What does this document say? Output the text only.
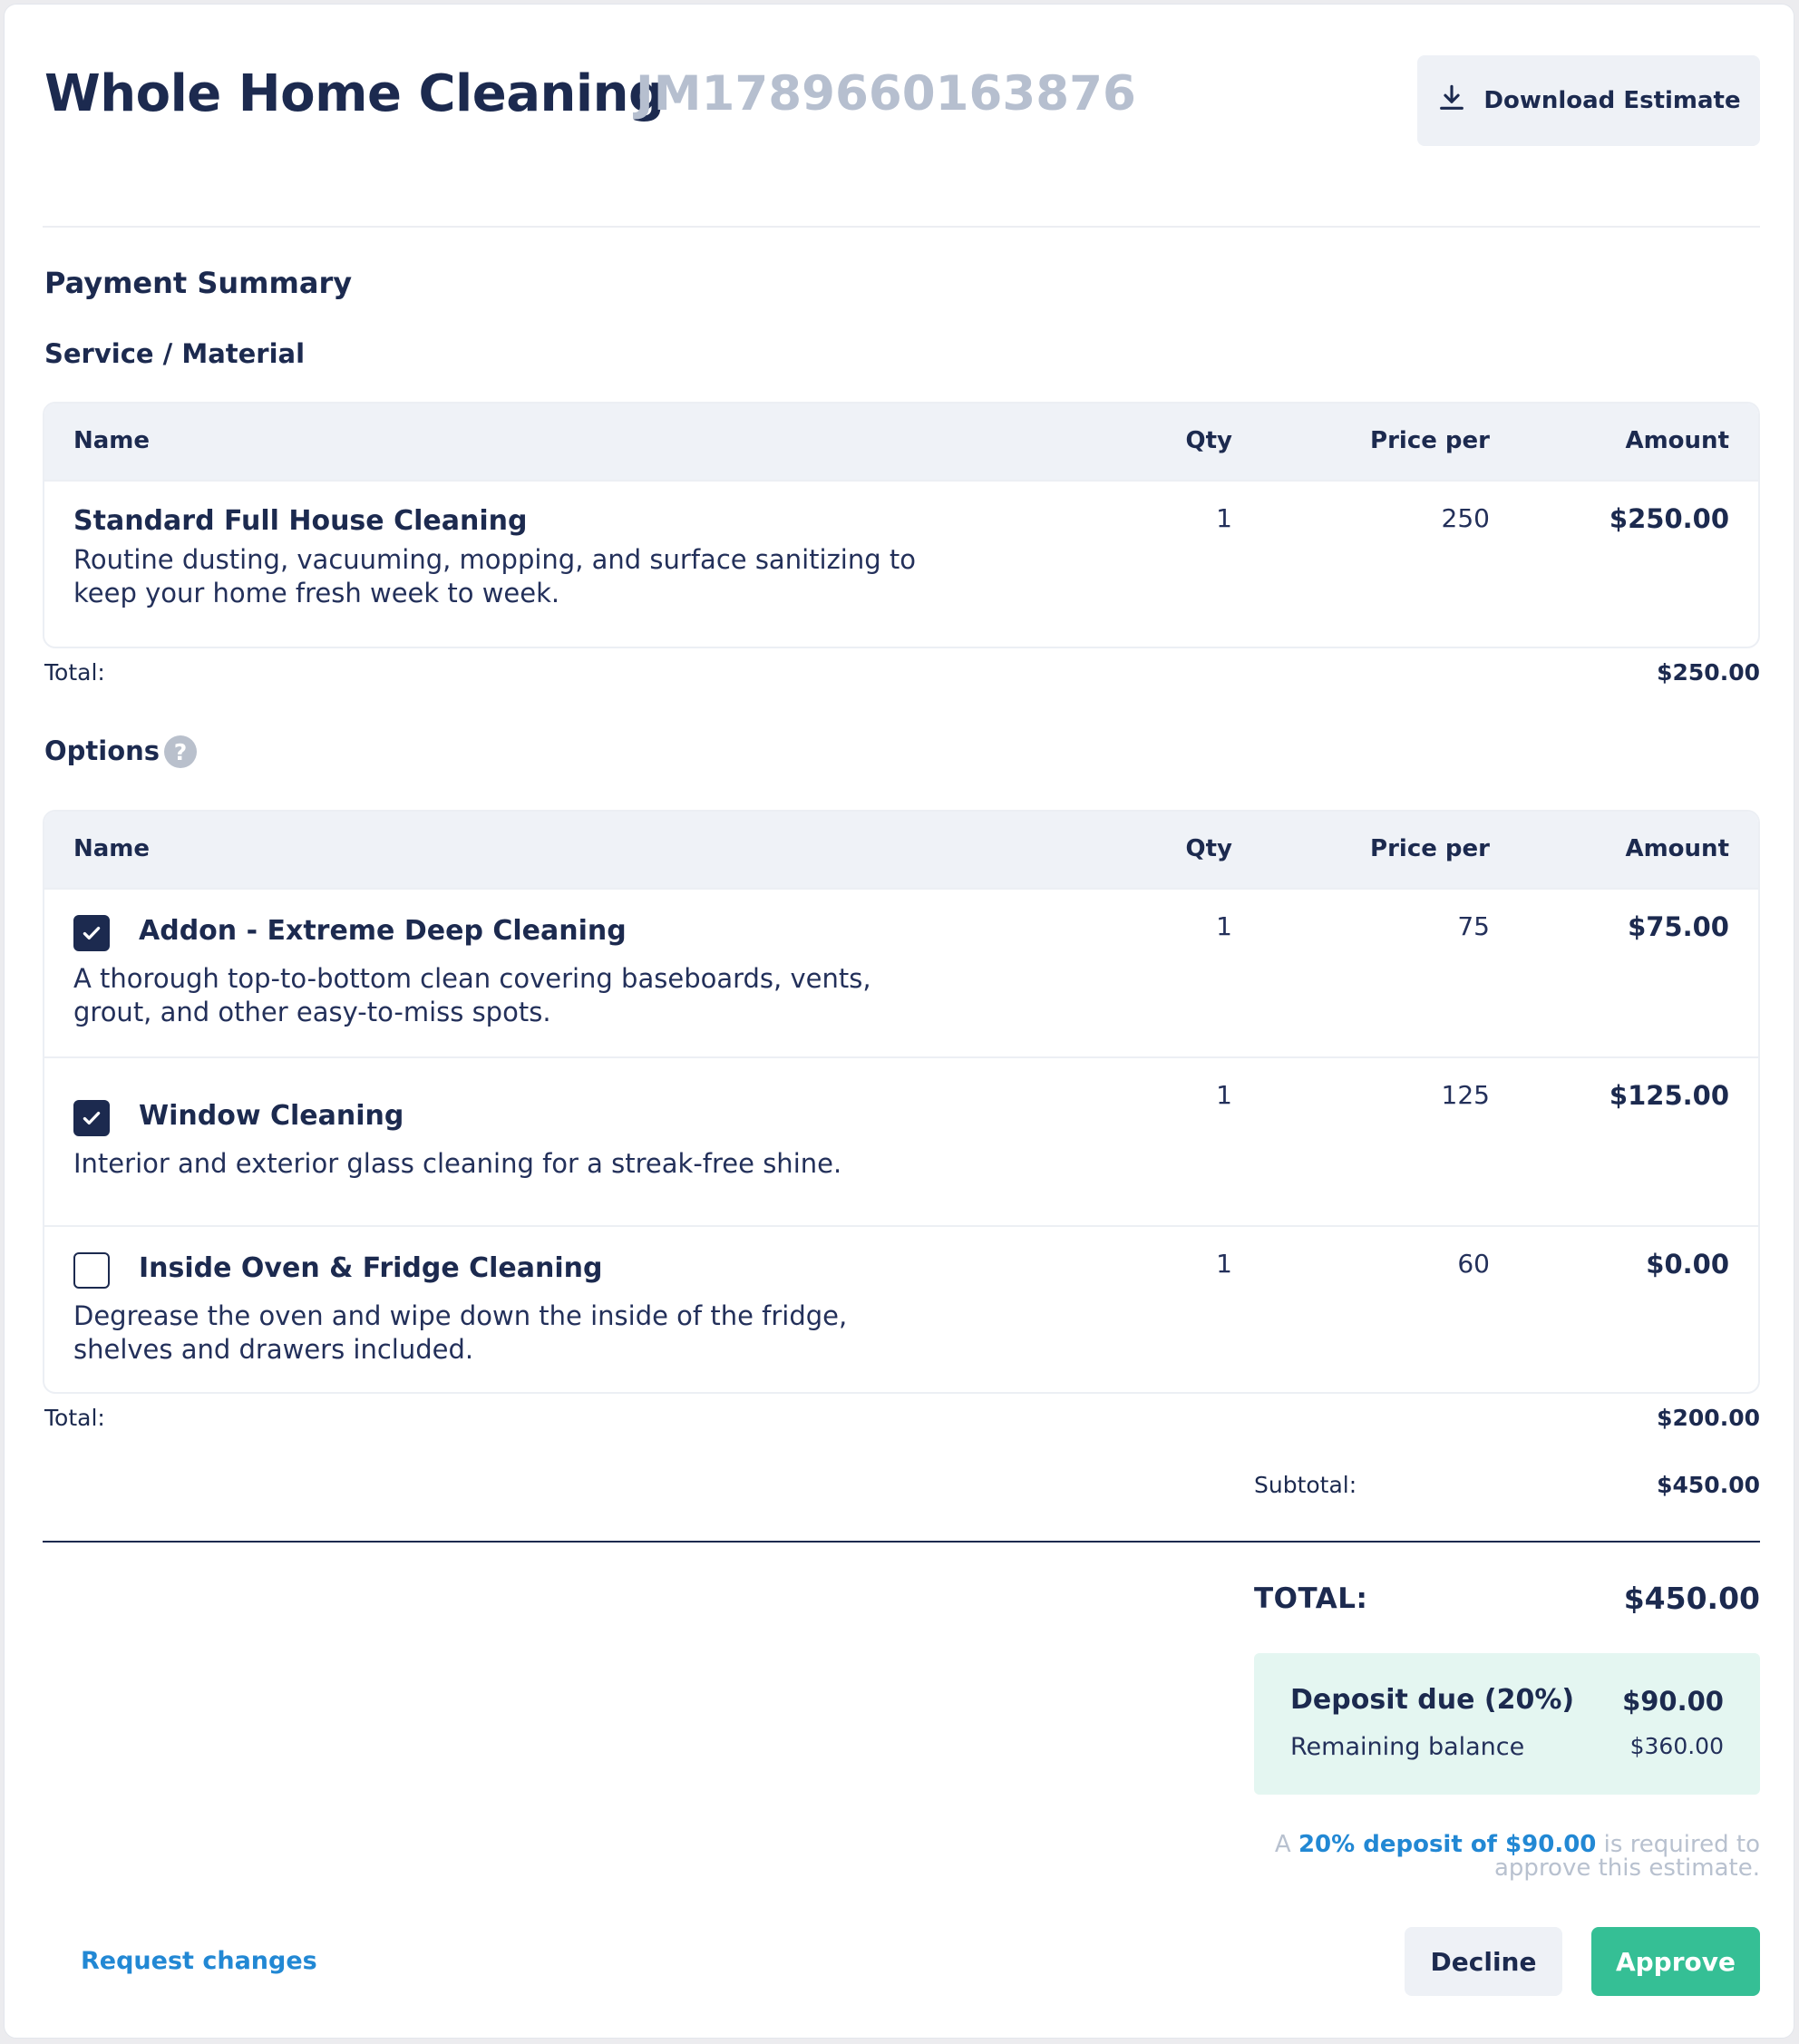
Whole Home Cleaning
JM1789660163876	Download Estimate
Payment Summary
Service / Material
Name	Qty	Price per	Amount
Standard Full House Cleaning
Routine dusting, vacuuming, mopping, and surface sanitizing to keep your home fresh week to week.
1	250	$250.00
Total:	$250.00
Options ?
Name	Qty	Price per	Amount
Addon - Extreme Deep Cleaning
A thorough top-to-bottom clean covering baseboards, vents, grout, and other easy-to-miss spots.
1	75	$75.00
Window Cleaning
Interior and exterior glass cleaning for a streak-free shine.
1	125	$125.00
Inside Oven & Fridge Cleaning
Degrease the oven and wipe down the inside of the fridge, shelves and drawers included.
1	60	$0.00
Total:	$200.00
Subtotal:	$450.00
TOTAL:	$450.00
Deposit due (20%) $90.00
Remaining balance	$360.00
A 20% deposit of $90.00 is required to approve this estimate.
Request changes	Decline	Approve
